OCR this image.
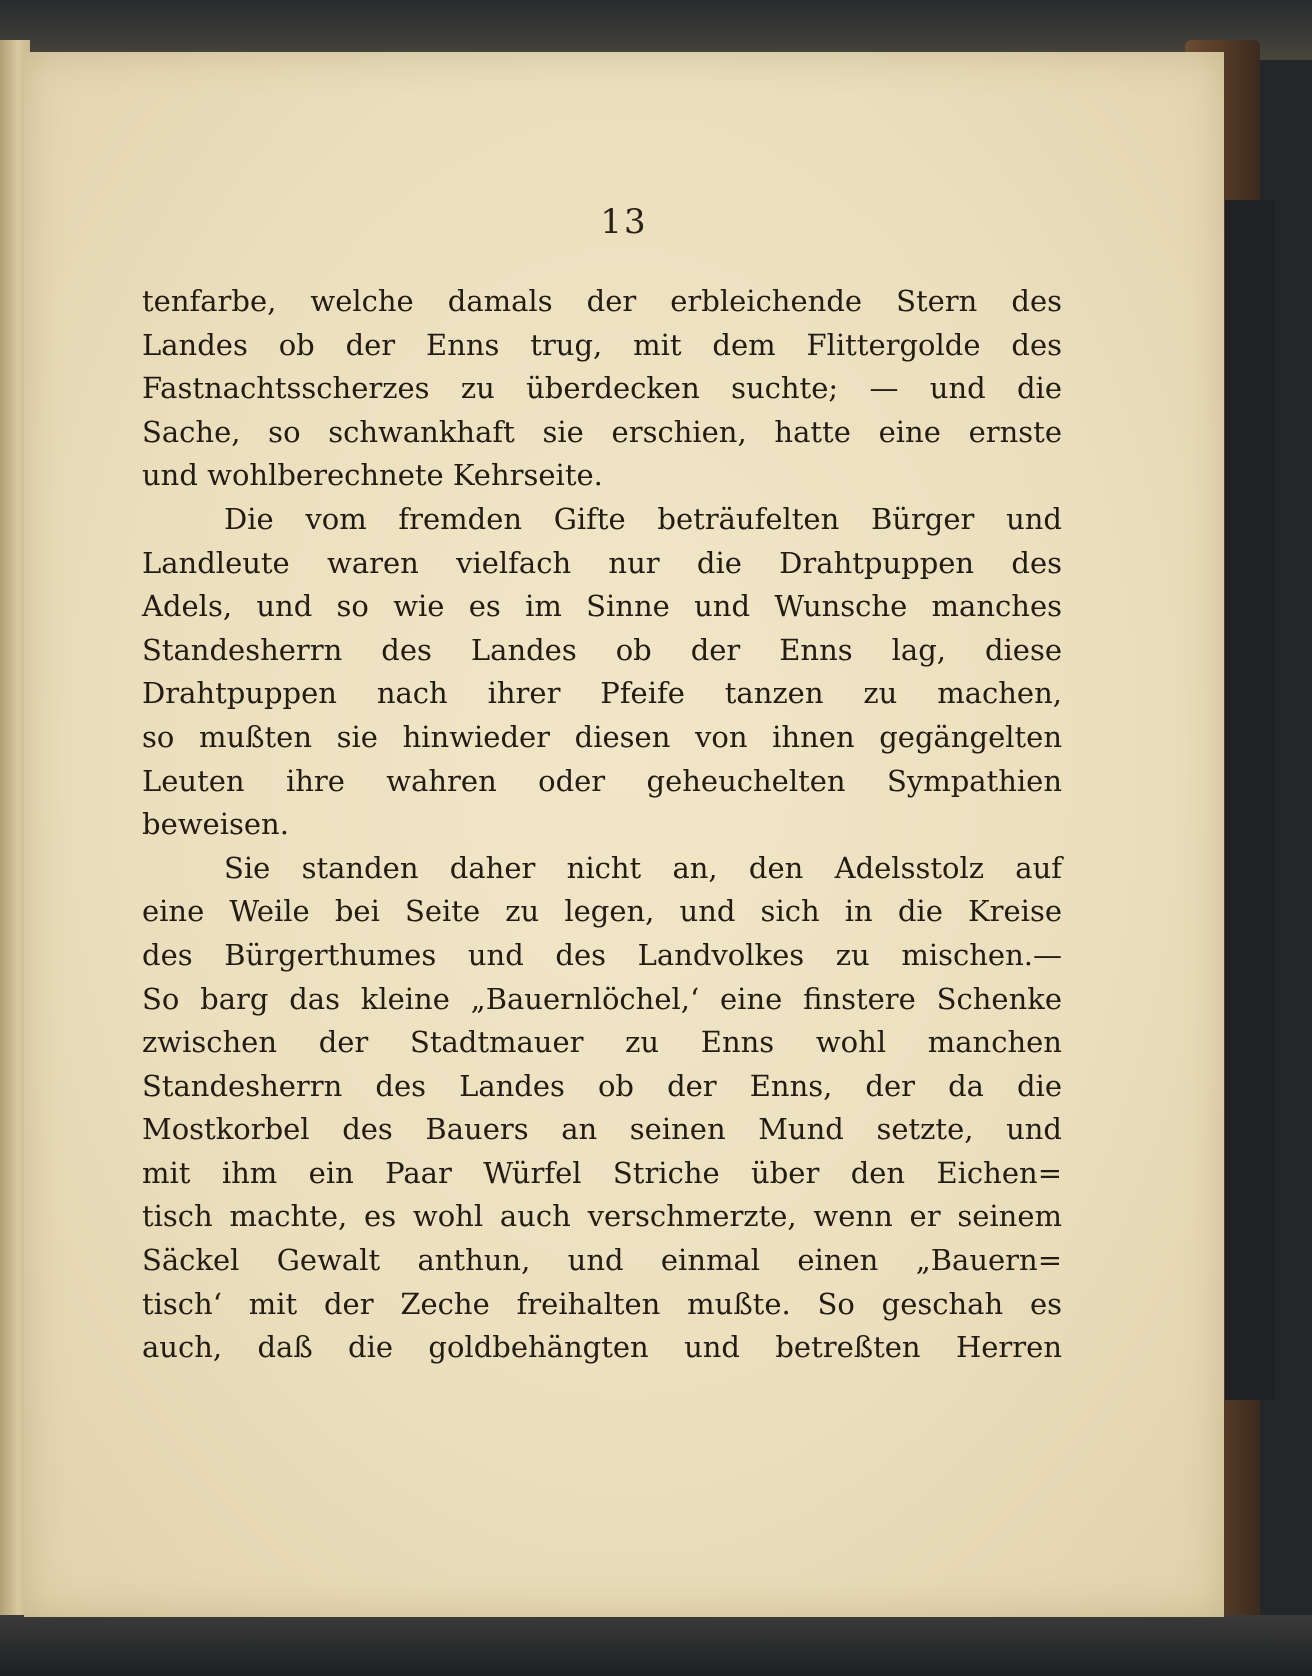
13
tenfarbe, welche damals der erbleichende Stern des
Landes ob der Enns trug, mit dem Flittergolde des
Fastnachtsscherzes zu überdecken suchte; — und die
Sache, so schwankhaft sie erschien, hatte eine ernste
und wohlberechnete Kehrseite.
Die vom fremden Gifte beträufelten Bürger und
Landleute waren vielfach nur die Drahtpuppen des
Adels, und so wie es im Sinne und Wunsche manches
Standesherrn des Landes ob der Enns lag, diese
Drahtpuppen nach ihrer Pfeife tanzen zu machen,
so mußten sie hinwieder diesen von ihnen gegängelten
Leuten ihre wahren oder geheuchelten Sympathien
beweisen.
Sie standen daher nicht an, den Adelsstolz auf
eine Weile bei Seite zu legen, und sich in die Kreise
des Bürgerthumes und des Landvolkes zu mischen.—
So barg das kleine „Bauernlöchel,‘ eine finstere Schenke
zwischen der Stadtmauer zu Enns wohl manchen
Standesherrn des Landes ob der Enns, der da die
Mostkorbel des Bauers an seinen Mund setzte, und
mit ihm ein Paar Würfel Striche über den Eichen=
tisch machte, es wohl auch verschmerzte, wenn er seinem
Säckel Gewalt anthun, und einmal einen „Bauern=
tisch‘ mit der Zeche freihalten mußte. So geschah es
auch, daß die goldbehängten und betreßten Herren
